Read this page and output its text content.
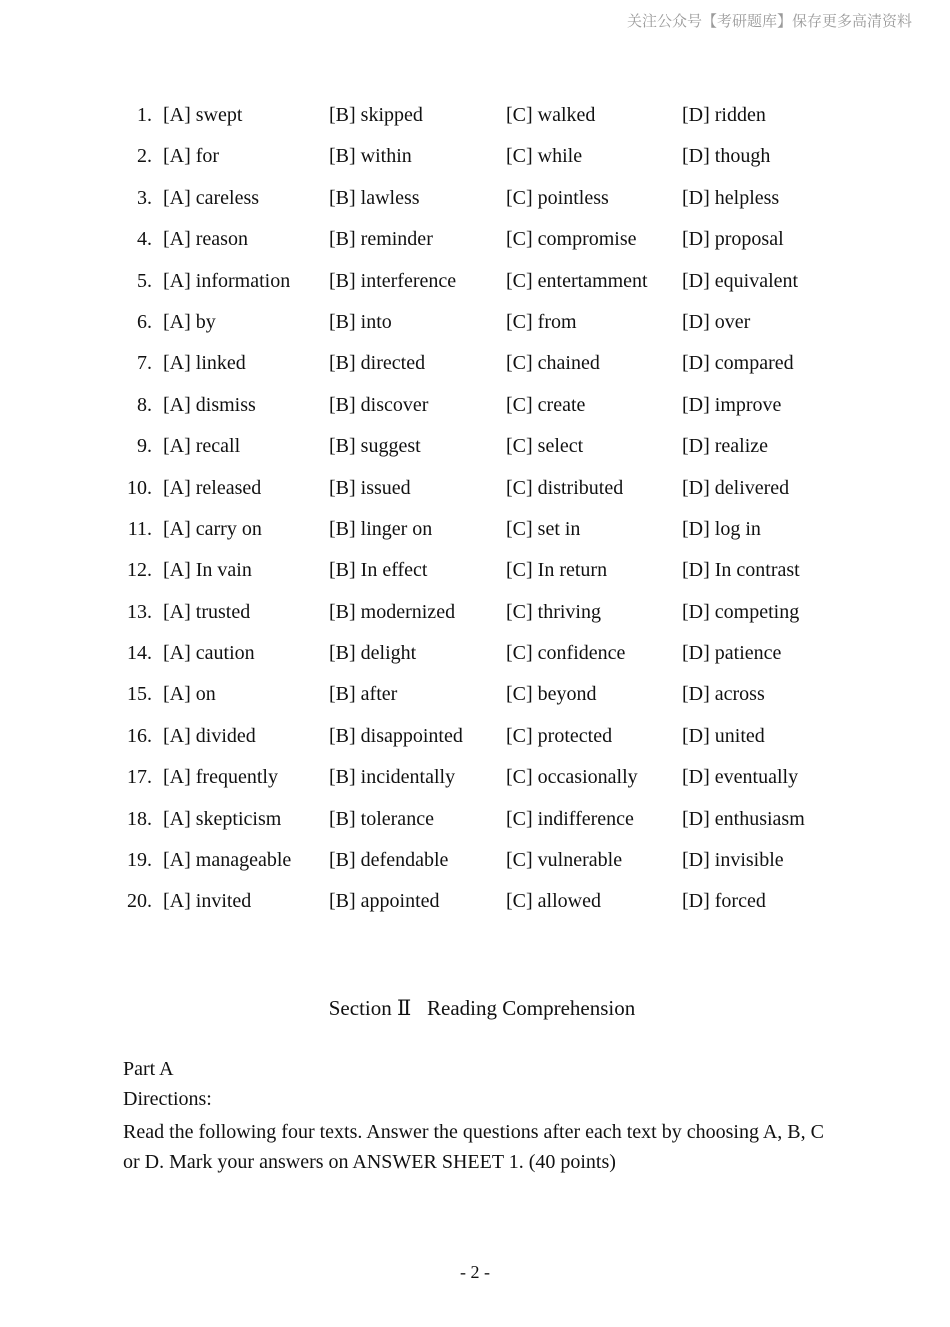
关注公众号【考研题库】保存更多高清资料
1. [A] swept	[B] skipped	[C] walked	[D] ridden
2. [A] for	[B] within	[C] while	[D] though
3. [A] careless	[B] lawless	[C] pointless	[D] helpless
4. [A] reason	[B] reminder	[C] compromise [D] proposal
5. [A] information [B] interference [C] entertamment [D] equivalent
6. [A] by	[B] into	[C] from	[D] over
7. [A] linked	[B] directed	[C] chained	[D] compared
8. [A] dismiss	[B] discover	[C] create	[D] improve
9. [A] recall	[B] suggest	[C] select	[D] realize
10. [A] released	[B] issued	[C] distributed	[D] delivered
11. [A] carry on	[B] linger on	[C] set in	[D] log in
12. [A] In vain	[B] In effect	[C] In return	[D] In contrast
13. [A] trusted	[B] modernized	[C] thriving	[D] competing
14. [A] caution	[B] delight	[C] confidence	[D] patience
15. [A] on	[B] after	[C] beyond	[D] across
16. [A] divided	[B] disappointed [C] protected	[D] united
17. [A] frequently	[B] incidentally	[C] occasionally [D] eventually
18. [A] skepticism [B] tolerance	[C] indifference [D] enthusiasm
19. [A] manageable [B] defendable	[C] vulnerable	[D] invisible
20. [A] invited	[B] appointed	[C] allowed	[D] forced
Section Ⅱ   Reading Comprehension
Part A
Directions:
Read the following four texts. Answer the questions after each text by choosing A, B, C or D. Mark your answers on ANSWER SHEET 1. (40 points)
- 2 -
